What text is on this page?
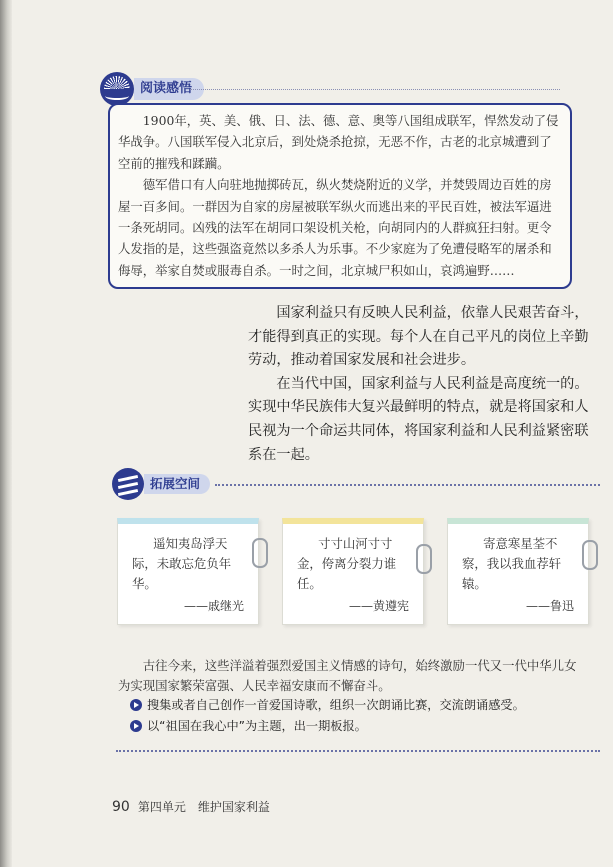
阅读感悟

1900年，英、美、俄、日、法、德、意、奥等八国组成联军，悍然发动了侵华战争。八国联军侵入北京后，到处烧杀抢掠，无恶不作，古老的北京城遭到了空前的摧残和蹂躏。

德军借口有人向驻地抛掷砖瓦，纵火焚烧附近的义学，并焚毁周边百姓的房屋一百多间。一群因为自家的房屋被联军纵火而逃出来的平民百姓，被法军逼进一条死胡同。凶残的法军在胡同口架设机关枪，向胡同内的人群疯狂扫射。更令人发指的是，这些强盗竟然以多杀人为乐事。不少家庭为了免遭侵略军的屠杀和侮辱，举家自焚或服毒自杀。一时之间，北京城尸积如山，哀鸿遍野……

国家利益只有反映人民利益，依靠人民艰苦奋斗，才能得到真正的实现。每个人在自己平凡的岗位上辛勤劳动，推动着国家发展和社会进步。

在当代中国，国家利益与人民利益是高度统一的。实现中华民族伟大复兴最鲜明的特点，就是将国家和人民视为一个命运共同体，将国家利益和人民利益紧密联系在一起。

拓展空间
遥知夷岛浮天际，未敢忘危负年华。
——戚继光
寸寸山河寸寸金，侉离分裂力谁任。
——黄遵宪
寄意寒星荃不察，我以我血荐轩辕。
——鲁迅
古往今来，这些洋溢着强烈爱国主义情感的诗句，始终激励一代又一代中华儿女为实现国家繁荣富强、人民幸福安康而不懈奋斗。
搜集或者自己创作一首爱国诗歌，组织一次朗诵比赛，交流朗诵感受。
以“祖国在我心中”为主题，出一期板报。
90 第四单元　维护国家利益
